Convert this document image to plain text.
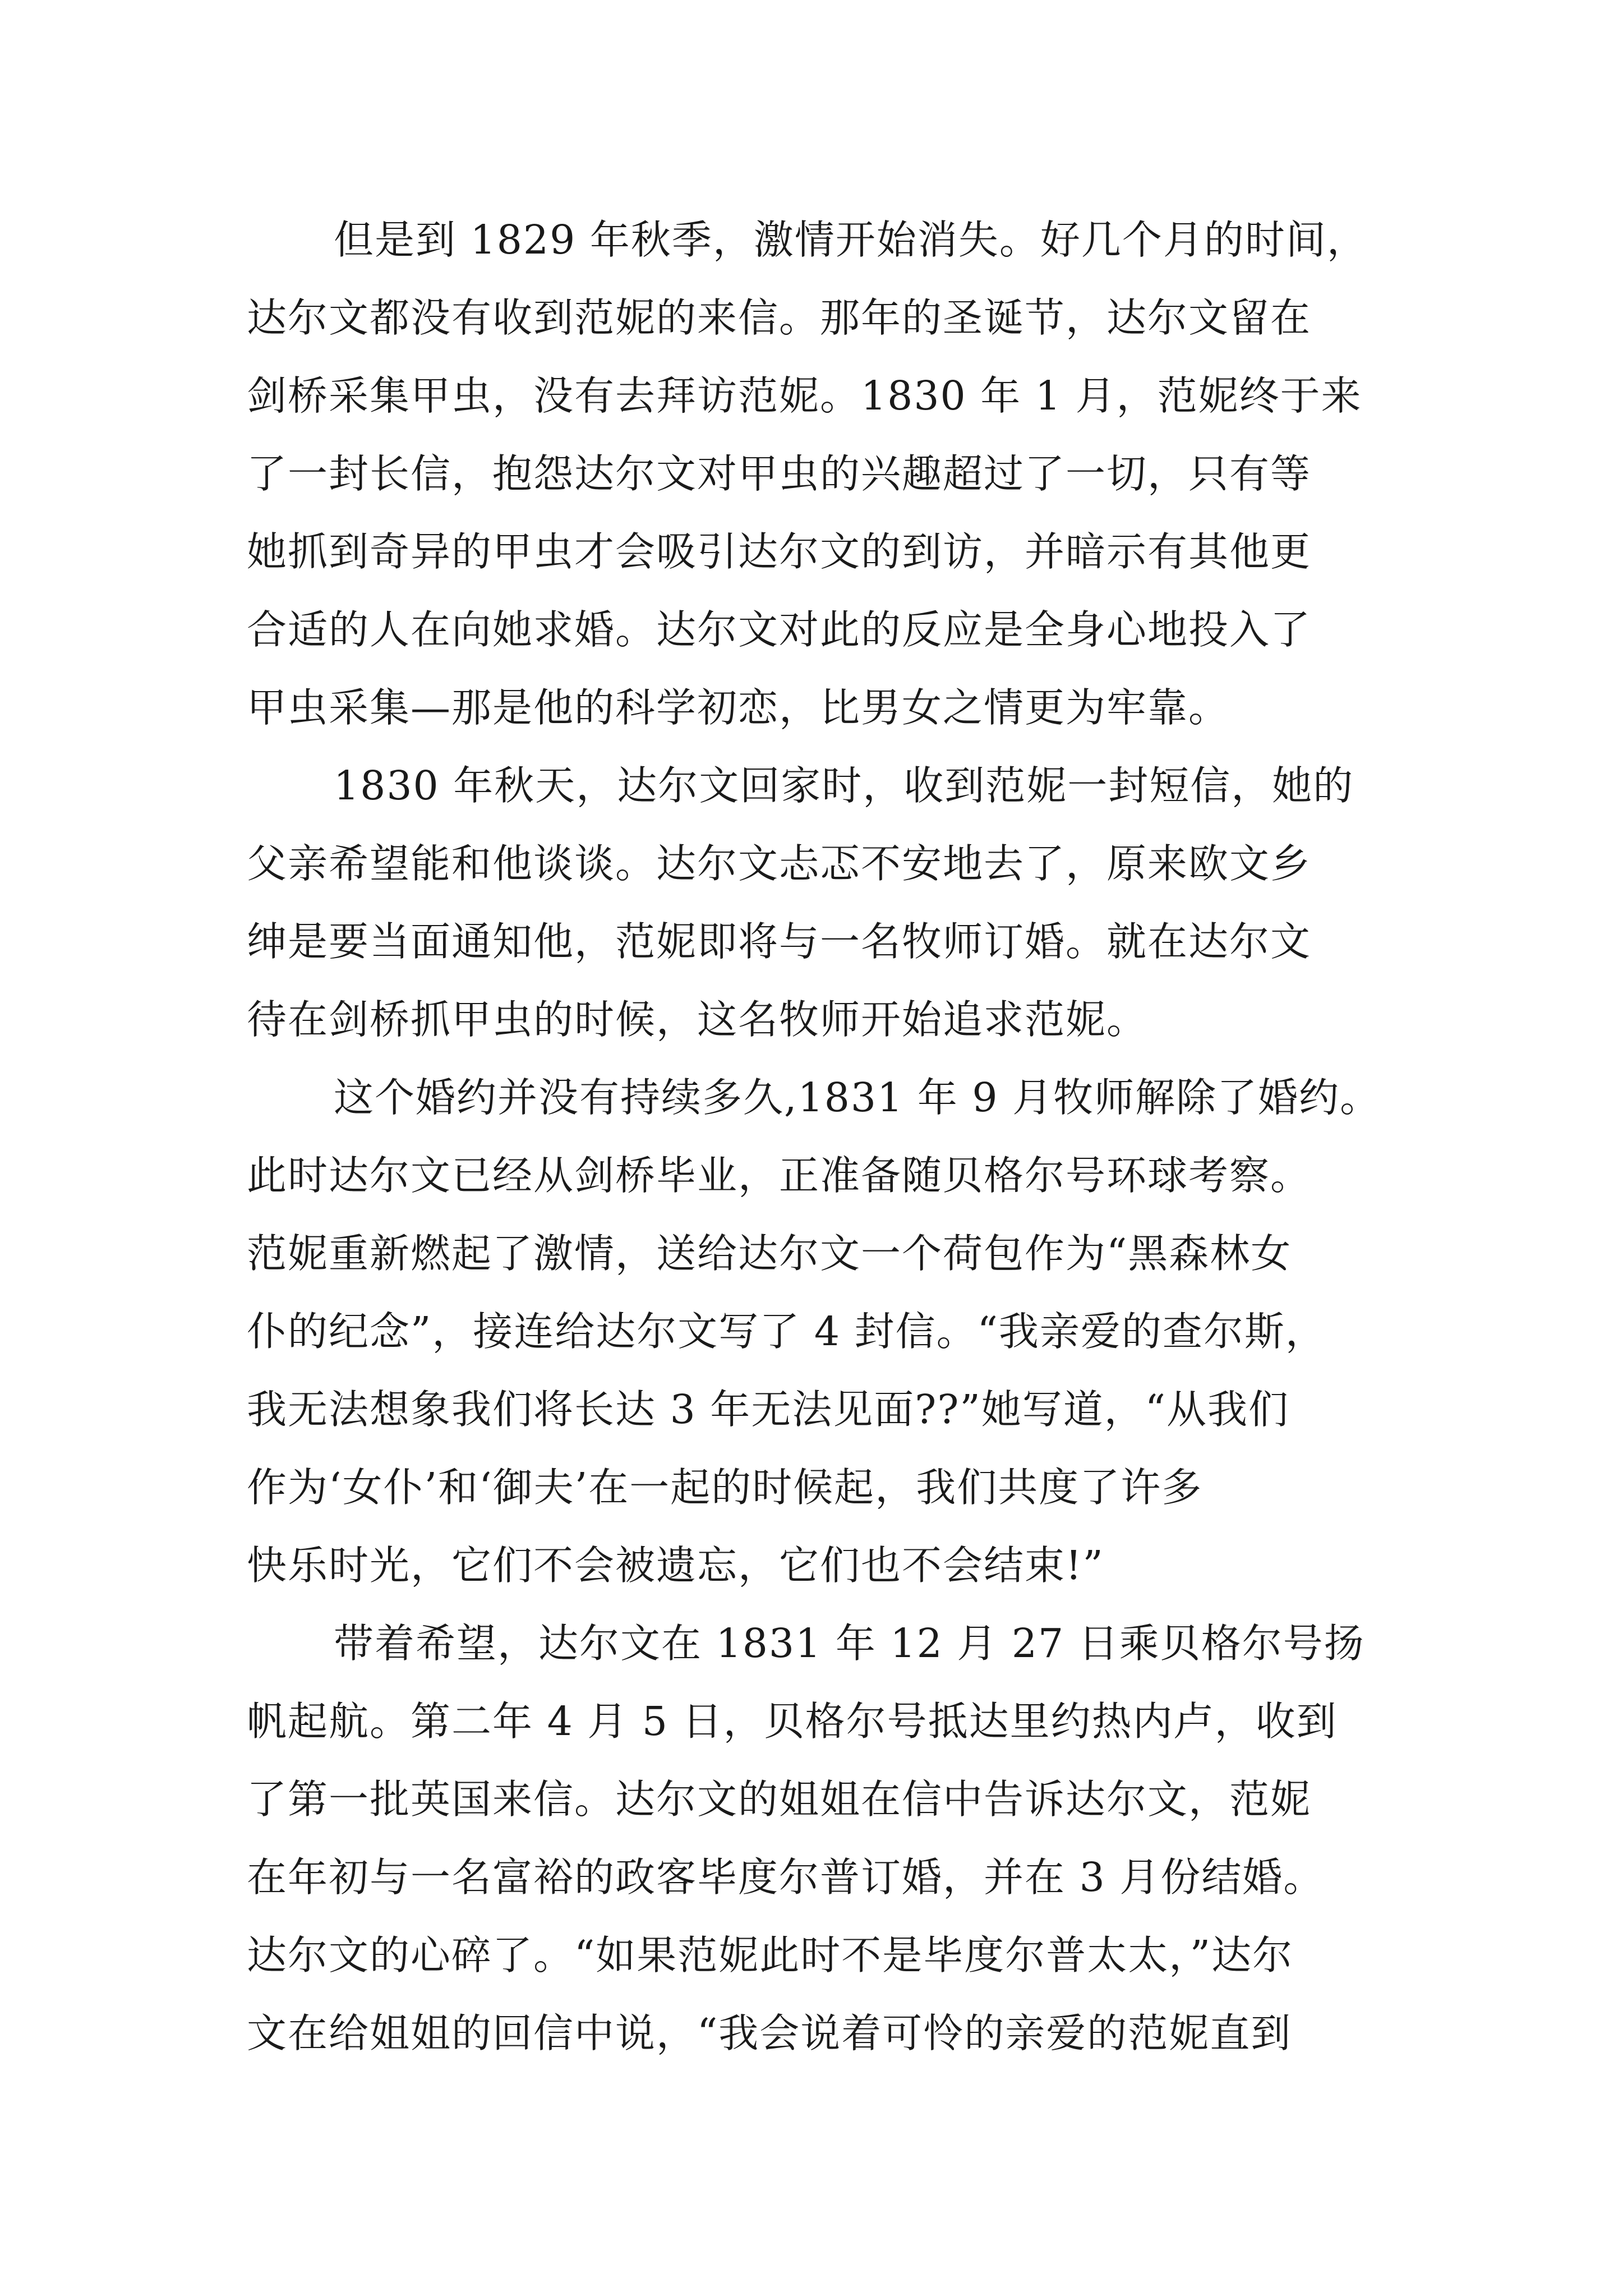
但是到 1829 年秋季，激情开始消失。好几个月的时间，
达尔文都没有收到范妮的来信。那年的圣诞节，达尔文留在
剑桥采集甲虫，没有去拜访范妮。1830 年 1 月，范妮终于来
了一封长信，抱怨达尔文对甲虫的兴趣超过了一切，只有等
她抓到奇异的甲虫才会吸引达尔文的到访，并暗示有其他更
合适的人在向她求婚。达尔文对此的反应是全身心地投入了
甲虫采集—那是他的科学初恋，比男女之情更为牢靠。
1830 年秋天，达尔文回家时，收到范妮一封短信，她的
父亲希望能和他谈谈。达尔文忐忑不安地去了，原来欧文乡
绅是要当面通知他，范妮即将与一名牧师订婚。就在达尔文
待在剑桥抓甲虫的时候，这名牧师开始追求范妮。
这个婚约并没有持续多久,1831 年 9 月牧师解除了婚约。
此时达尔文已经从剑桥毕业，正准备随贝格尔号环球考察。
范妮重新燃起了激情，送给达尔文一个荷包作为“黑森林女
仆的纪念”，接连给达尔文写了 4 封信。“我亲爱的查尔斯，
我无法想象我们将长达 3 年无法见面??”她写道，“从我们
作为‘女仆’和‘御夫’在一起的时候起，我们共度了许多
快乐时光，它们不会被遗忘，它们也不会结束!”
带着希望，达尔文在 1831 年 12 月 27 日乘贝格尔号扬
帆起航。第二年 4 月 5 日，贝格尔号抵达里约热内卢，收到
了第一批英国来信。达尔文的姐姐在信中告诉达尔文，范妮
在年初与一名富裕的政客毕度尔普订婚，并在 3 月份结婚。
达尔文的心碎了。“如果范妮此时不是毕度尔普太太，”达尔
文在给姐姐的回信中说，“我会说着可怜的亲爱的范妮直到
